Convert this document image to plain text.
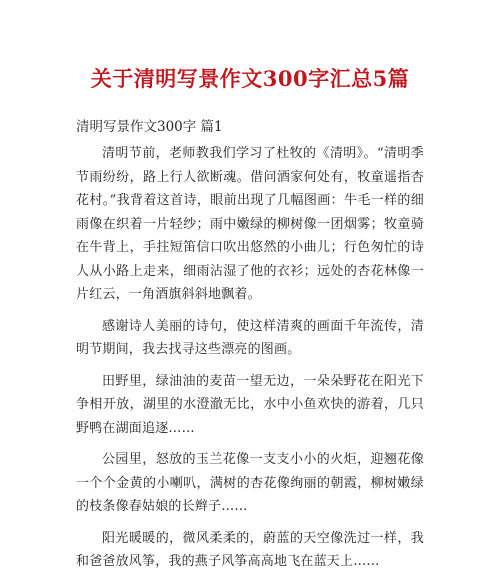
关于清明写景作文300字汇总5篇
清明写景作文300字 篇1

清明节前，老师教我们学习了杜牧的《清明》。“清明季节雨纷纷，路上行人欲断魂。借问酒家何处有，牧童遥指杏花村。”我背着这首诗，眼前出现了几幅图画：牛毛一样的细雨像在织着一片轻纱；雨中嫩绿的柳树像一团烟雾；牧童骑在牛背上，手拄短笛信口吹出悠然的小曲儿；行色匆忙的诗人从小路上走来，细雨沾湿了他的衣衫；远处的杏花林像一片红云，一角酒旗斜斜地飘着。

感谢诗人美丽的诗句，使这样清爽的画面千年流传，清明节期间，我去找寻这些漂亮的图画。

田野里，绿油油的麦苗一望无边，一朵朵野花在阳光下争相开放，湖里的水澄澈无比，水中小鱼欢快的游着，几只野鸭在湖面追逐……

公园里，怒放的玉兰花像一支支小小的火炬，迎翘花像一个个金黄的小喇叭，满树的杏花像绚丽的朝霞，柳树嫩绿的枝条像春姑娘的长辫子……

阳光暖暖的，微风柔柔的，蔚蓝的天空像洗过一样，我和爸爸放风筝，我的燕子风筝高高地飞在蓝天上……
